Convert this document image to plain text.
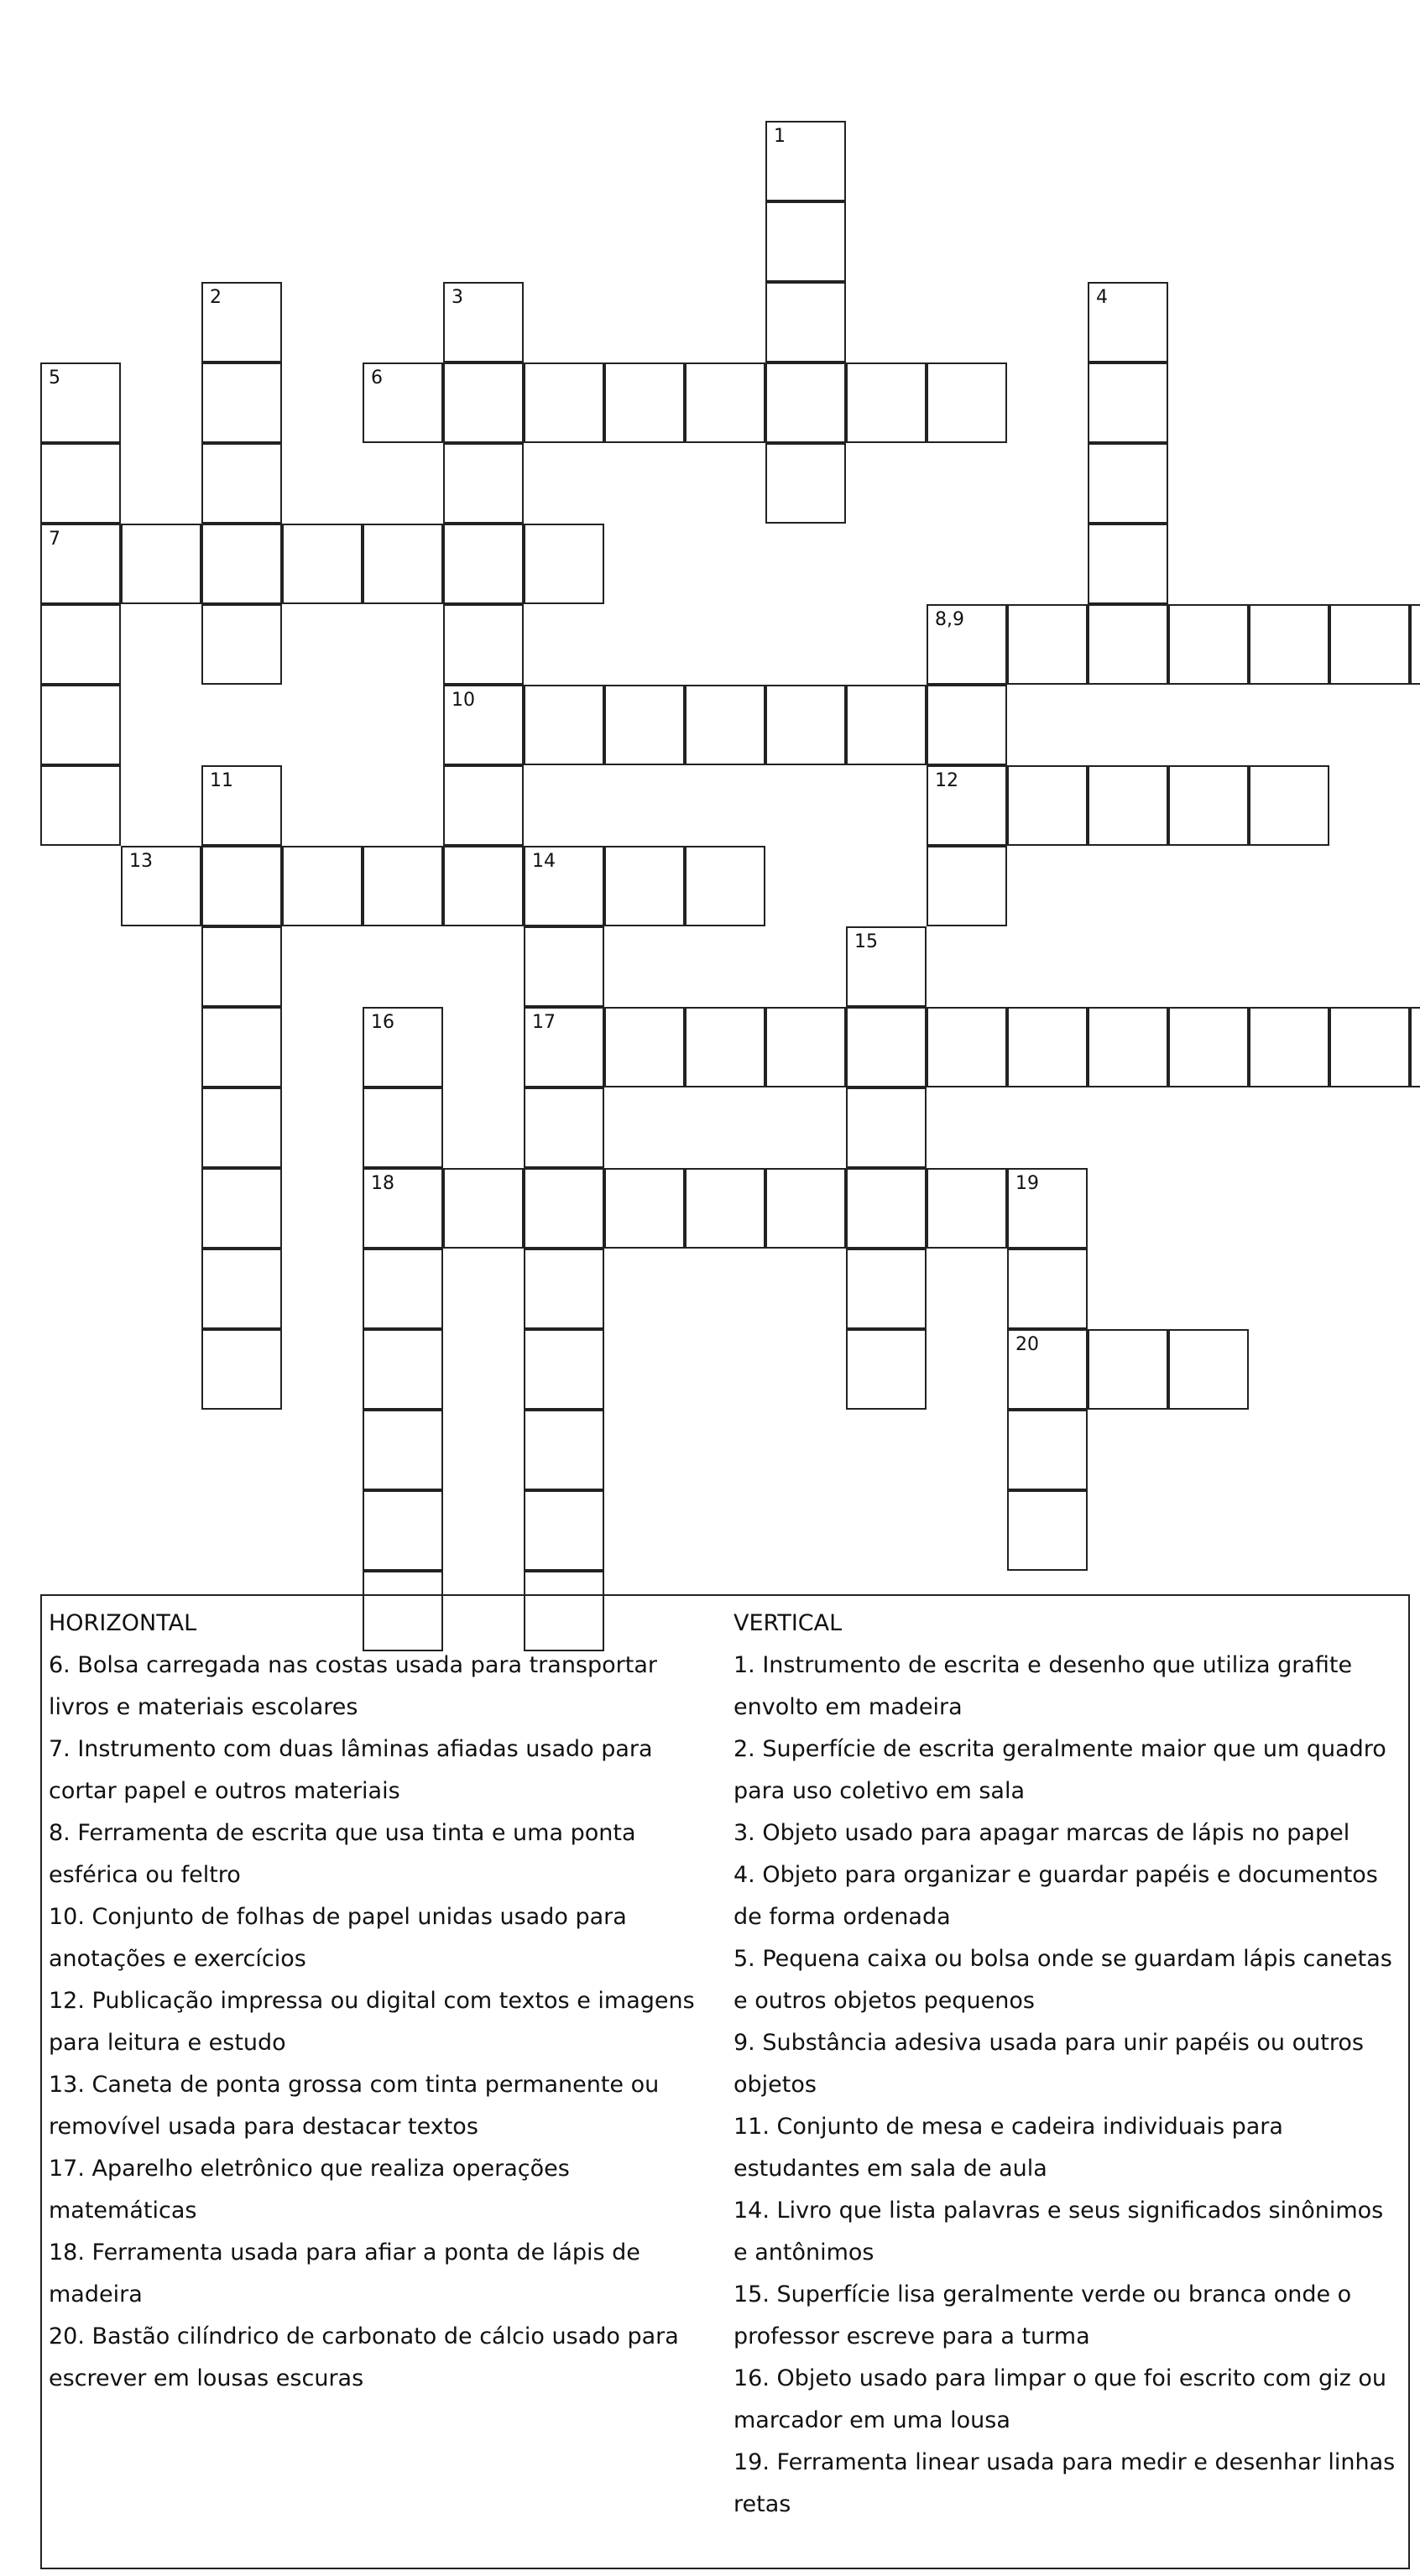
1
2	3
10
4
5
7
6
8,9
12
11
13	14
17
15
16
18	19
20
HORIZONTAL
6. Bolsa carregada nas costas usada para transportar livros e materiais escolares
7. Instrumento com duas lâminas afiadas usado para cortar papel e outros materiais
8. Ferramenta de escrita que usa tinta e uma ponta esférica ou feltro
10. Conjunto de folhas de papel unidas usado para anotações e exercícios
12. Publicação impressa ou digital com textos e imagens para leitura e estudo
13. Caneta de ponta grossa com tinta permanente ou removível usada para destacar textos
17. Aparelho eletrônico que realiza operações matemáticas
18. Ferramenta usada para afiar a ponta de lápis de madeira
20. Bastão cilíndrico de carbonato de cálcio usado para escrever em lousas escuras
VERTICAL
1. Instrumento de escrita e desenho que utiliza grafite envolto em madeira
2. Superfície de escrita geralmente maior que um quadro para uso coletivo em sala
3. Objeto usado para apagar marcas de lápis no papel
4. Objeto para organizar e guardar papéis e documentos de forma ordenada
5. Pequena caixa ou bolsa onde se guardam lápis canetas e outros objetos pequenos
9. Substância adesiva usada para unir papéis ou outros objetos
11. Conjunto de mesa e cadeira individuais para estudantes em sala de aula
14. Livro que lista palavras e seus significados sinônimos e antônimos
15. Superfície lisa geralmente verde ou branca onde o professor escreve para a turma
16. Objeto usado para limpar o que foi escrito com giz ou marcador em uma lousa
19. Ferramenta linear usada para medir e desenhar linhas retas
